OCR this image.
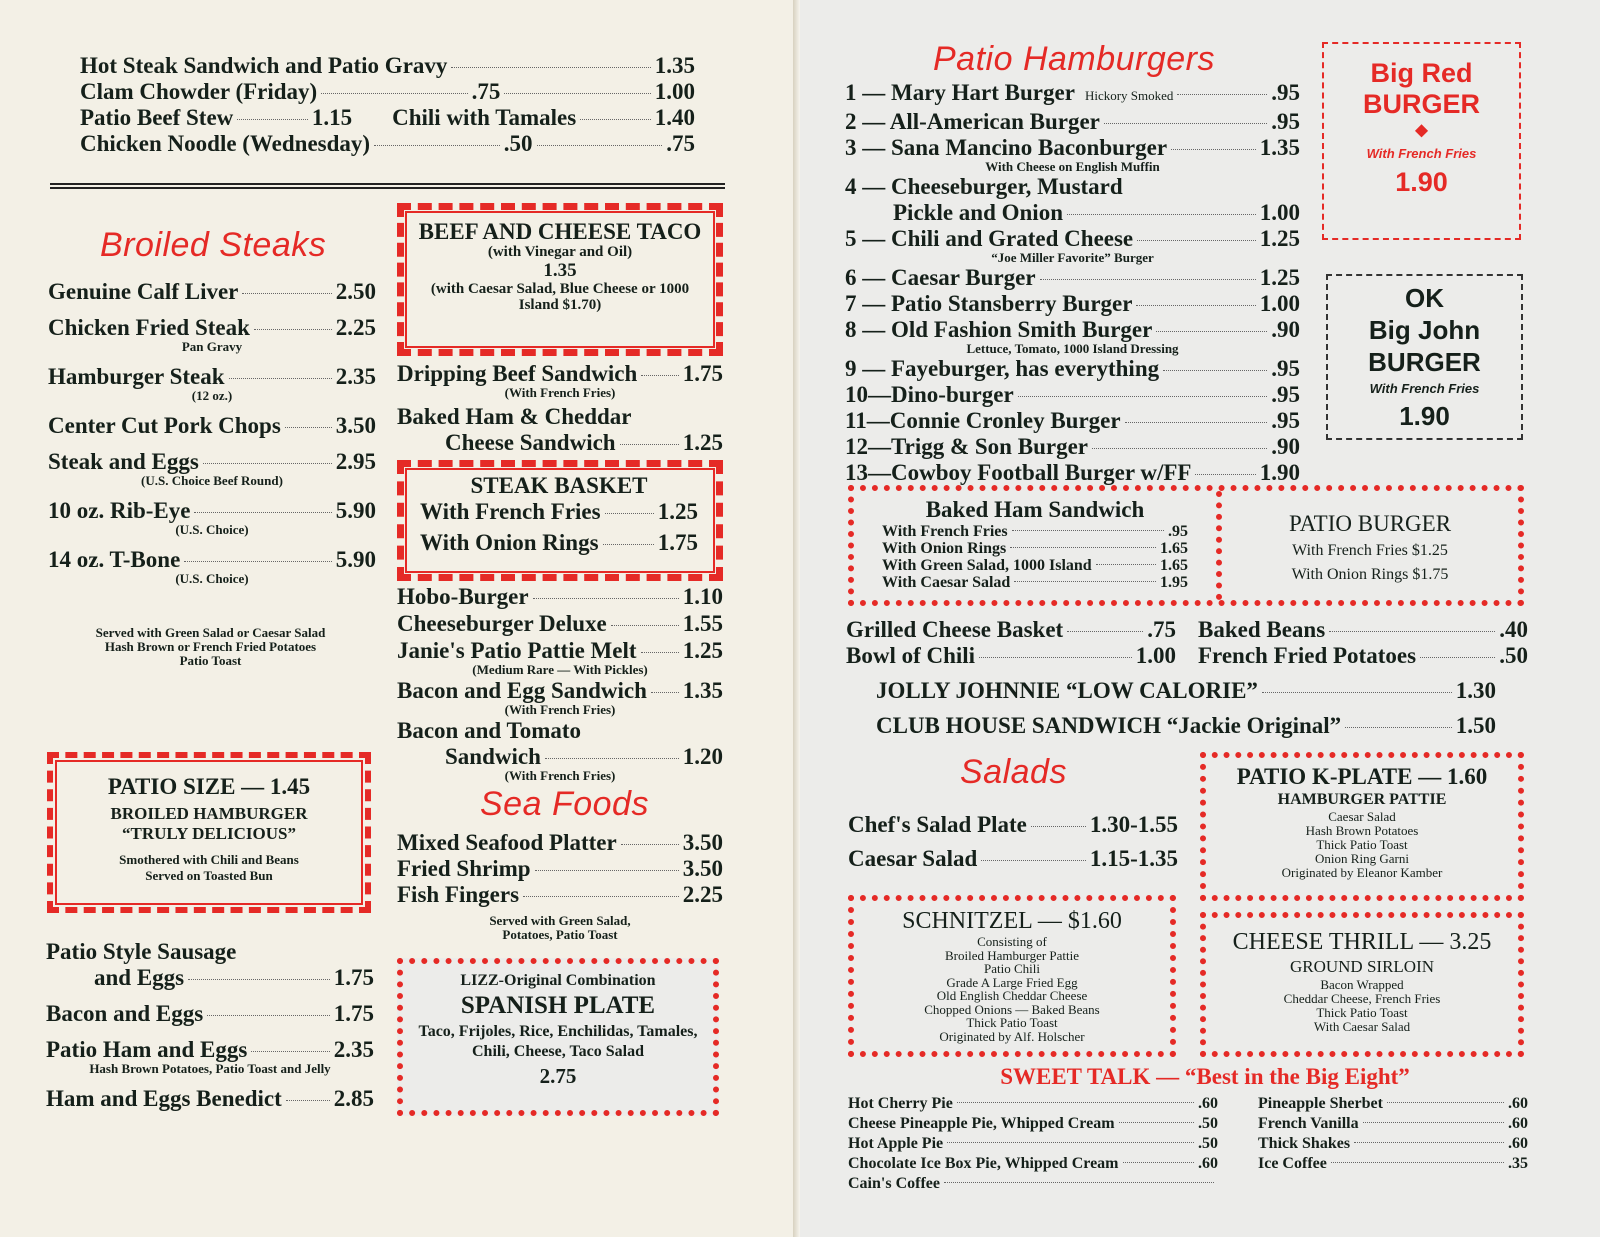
Hot Steak Sandwich and Patio Gravy	1.35
Clam Chowder (Friday)	.75	1.00
Patio Beef Stew	1.15 Chili with Tamales	1.40
Chicken Noodle (Wednesday)	.50	.75
Broiled Steaks
Genuine Calf Liver	2.50
Chicken Fried Steak	2.25
Pan Gravy
Hamburger Steak	2.35
(12 oz.)
Center Cut Pork Chops 3.50
Steak and Eggs	2.95
(U.S. Choice Beef Round)
10 oz. Rib-Eye	5.90
(U.S. Choice)
14 oz. T-Bone	5.90
(U.S. Choice)
Served with Green Salad or Caesar Salad
Hash Brown or French Fried Potatoes
Patio Toast
BEEF AND CHEESE TACO
(with Vinegar and Oil)
1.35
(with Caesar Salad, Blue Cheese or 1000 Island $1.70)
Dripping Beef Sandwich 1.75
(With French Fries)
Baked Ham & Cheddar
Cheese Sandwich	1.25
STEAK BASKET
With French Fries 1.25
With Onion Rings	1.75
Hobo-Burger	1.10
Cheeseburger Deluxe	1.55
Janie's Patio Pattie Melt 1.25
(Medium Rare — With Pickles)
Bacon and Egg Sandwich 1.35
(With French Fries)
Bacon and Tomato
Sandwich	1.20
(With French Fries)
Sea Foods
Mixed Seafood Platter	3.50
Fried Shrimp	3.50
Fish Fingers	2.25
Served with Green Salad,
Potatoes, Patio Toast
LIZZ-Original Combination
SPANISH PLATE
Taco, Frijoles, Rice, Enchilidas, Tamales, Chili, Cheese, Taco Salad
2.75
PATIO SIZE — 1.45
BROILED HAMBURGER
“TRULY DELICIOUS”
Smothered with Chili and Beans
Served on Toasted Bun
Patio Style Sausage
and Eggs	1.75
Bacon and Eggs	1.75
Patio Ham and Eggs	2.35
Hash Brown Potatoes, Patio Toast and Jelly
Ham and Eggs Benedict 2.85
Patio Hamburgers
1 — Mary Hart Burger Hickory Smoked	.95
2 — All-American Burger	.95
3 — Sana Mancino Baconburger	1.35
With Cheese on English Muffin
4 — Cheeseburger, Mustard
Pickle and Onion	1.00
5 — Chili and Grated Cheese	1.25
“Joe Miller Favorite” Burger
6 — Caesar Burger	1.25
7 — Patio Stansberry Burger	1.00
8 — Old Fashion Smith Burger	.90
Lettuce, Tomato, 1000 Island Dressing
9 — Fayeburger, has everything	.95
10—Dino-burger	.95
11—Connie Cronley Burger	.95
12—Trigg & Son Burger	.90
13—Cowboy Football Burger w/FF	1.90
Big Red
BURGER
◆
With French Fries
1.90
OK
Big John
BURGER
With French Fries
1.90
Baked Ham Sandwich
With French Fries	.95
With Onion Rings	1.65
With Green Salad, 1000 Island	1.65
With Caesar Salad	1.95
PATIO BURGER
With French Fries $1.25
With Onion Rings $1.75
Grilled Cheese Basket	.75
Bowl of Chili	1.00
Baked Beans	.40
French Fried Potatoes	.50
JOLLY JOHNNIE “LOW CALORIE”	1.30
CLUB HOUSE SANDWICH “Jackie Original”	1.50
Salads
Chef's Salad Plate	1.30-1.55
Caesar Salad	1.15-1.35
PATIO K-PLATE — 1.60
HAMBURGER PATTIE
Caesar Salad
Hash Brown Potatoes
Thick Patio Toast
Onion Ring Garni
Originated by Eleanor Kamber
SCHNITZEL — $1.60
Consisting of
Broiled Hamburger Pattie
Patio Chili
Grade A Large Fried Egg
Old English Cheddar Cheese
Chopped Onions — Baked Beans
Thick Patio Toast
Originated by Alf. Holscher
CHEESE THRILL — 3.25
GROUND SIRLOIN
Bacon Wrapped
Cheddar Cheese, French Fries
Thick Patio Toast
With Caesar Salad
SWEET TALK — “Best in the Big Eight”
Hot Cherry Pie	.60
Cheese Pineapple Pie, Whipped Cream	.50
Hot Apple Pie	.50
Chocolate Ice Box Pie, Whipped Cream	.60
Cain's Coffee
Pineapple Sherbet	.60
French Vanilla	.60
Thick Shakes	.60
Ice Coffee	.35
